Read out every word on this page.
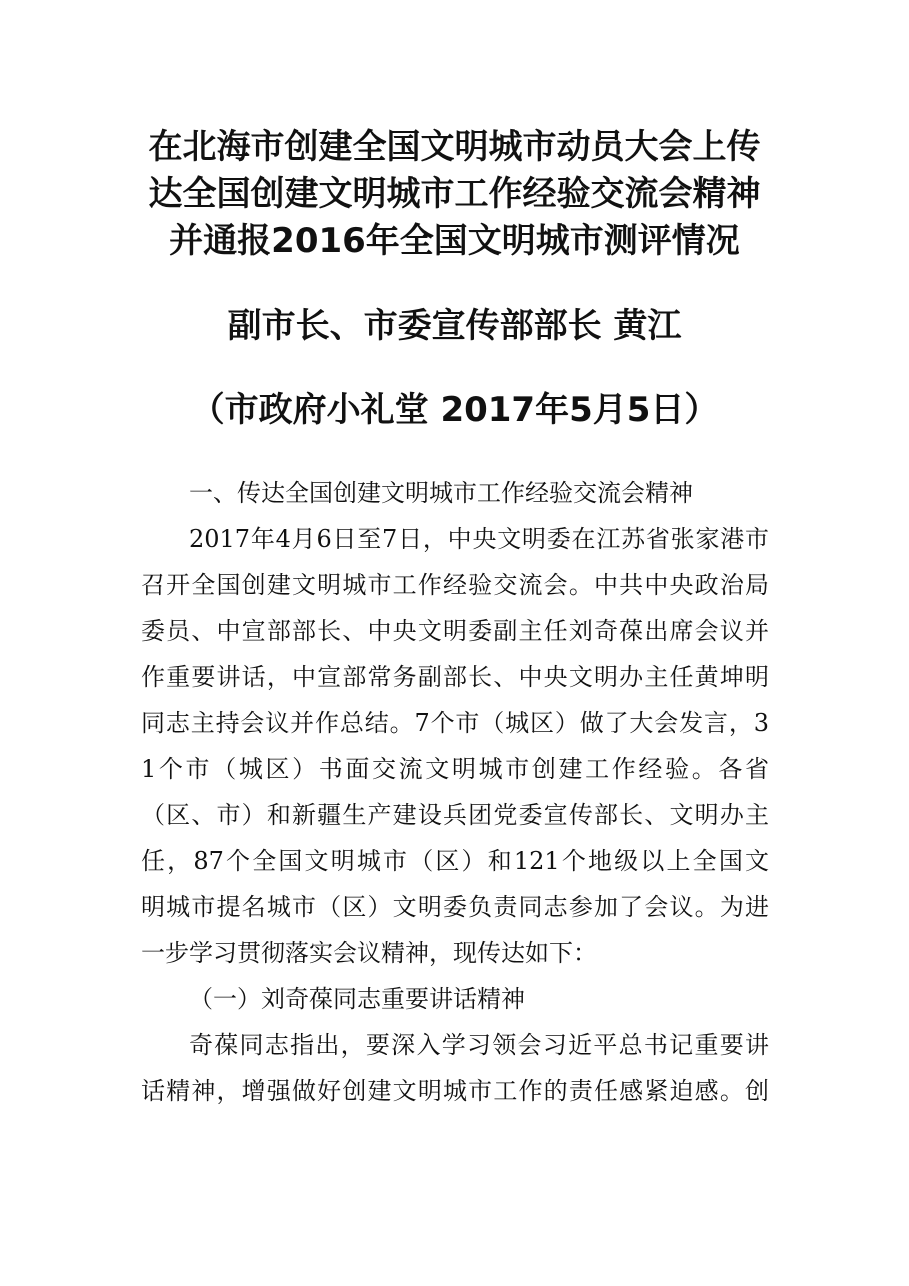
在北海市创建全国文明城市动员大会上传
达全国创建文明城市工作经验交流会精神
并通报2016年全国文明城市测评情况
副市长、市委宣传部部长 黄江
（市政府小礼堂 2017年5月5日）
一、传达全国创建文明城市工作经验交流会精神
2017年4月6日至7日，中央文明委在江苏省张家港市
召开全国创建文明城市工作经验交流会。中共中央政治局
委员、中宣部部长、中央文明委副主任刘奇葆出席会议并
作重要讲话，中宣部常务副部长、中央文明办主任黄坤明
同志主持会议并作总结。7个市（城区）做了大会发言，3
1个市（城区）书面交流文明城市创建工作经验。各省
（区、市）和新疆生产建设兵团党委宣传部长、文明办主
任，87个全国文明城市（区）和121个地级以上全国文
明城市提名城市（区）文明委负责同志参加了会议。为进
一步学习贯彻落实会议精神，现传达如下：
（一）刘奇葆同志重要讲话精神
奇葆同志指出，要深入学习领会习近平总书记重要讲
话精神，增强做好创建文明城市工作的责任感紧迫感。创
